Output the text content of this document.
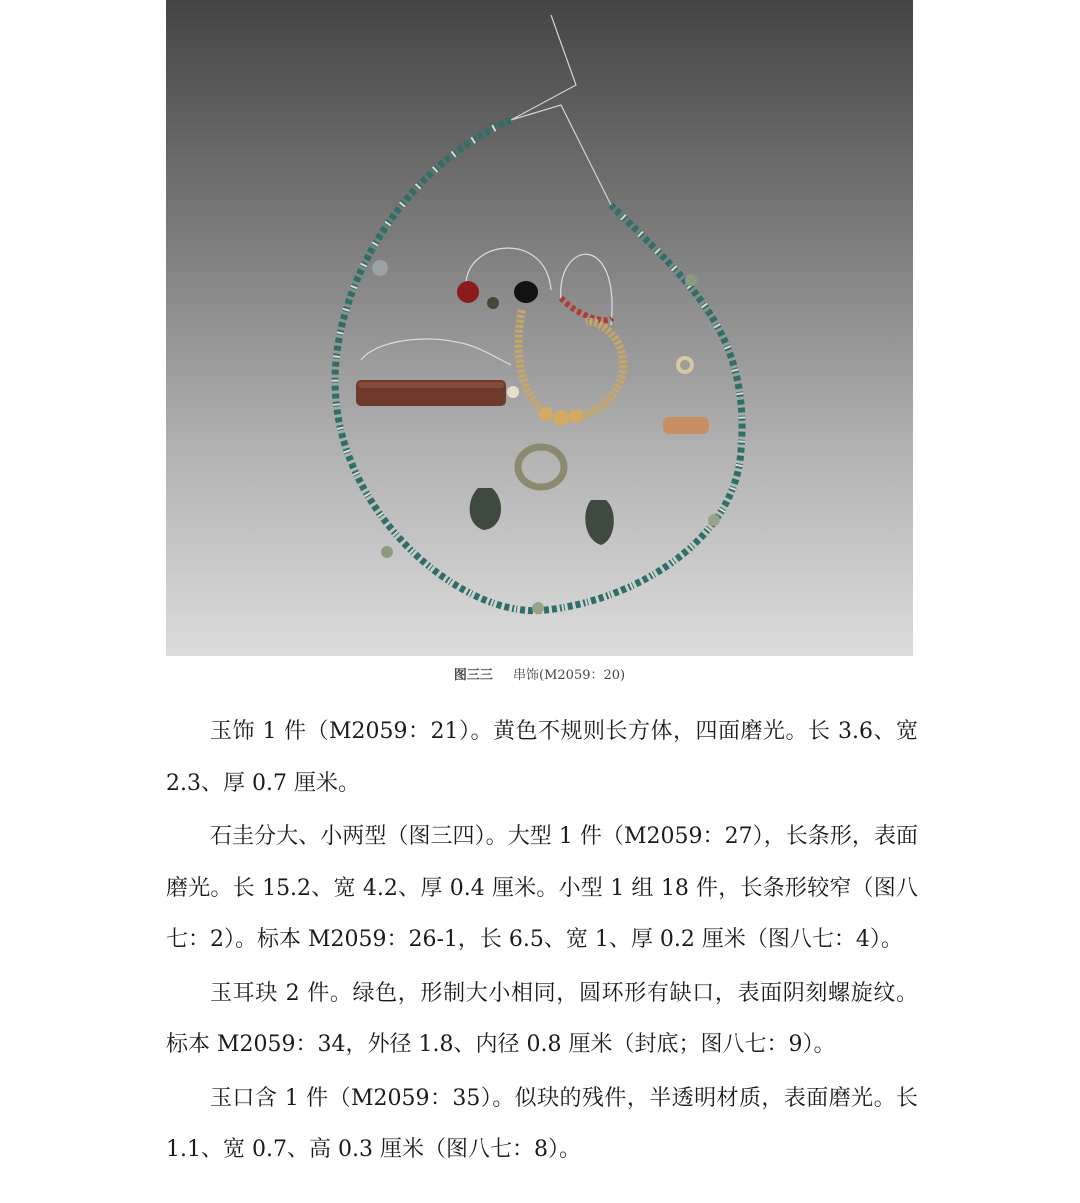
图三三 串饰(M2059：20)

玉饰 1 件（M2059：21）。黄色不规则长方体，四面磨光。长 3.6、宽 2.3、厚 0.7 厘米。

石圭分大、小两型（图三四）。大型 1 件（M2059：27），长条形，表面磨光。长 15.2、宽 4.2、厚 0.4 厘米。小型 1 组 18 件，长条形较窄（图八七：2）。标本 M2059：26-1，长 6.5、宽 1、厚 0.2 厘米（图八七：4）。

玉耳玦 2 件。绿色，形制大小相同，圆环形有缺口，表面阴刻螺旋纹。标本 M2059：34，外径 1.8、内径 0.8 厘米（封底；图八七：9）。

玉口含 1 件（M2059：35）。似玦的残件，半透明材质，表面磨光。长 1.1、宽 0.7、高 0.3 厘米（图八七：8）。
